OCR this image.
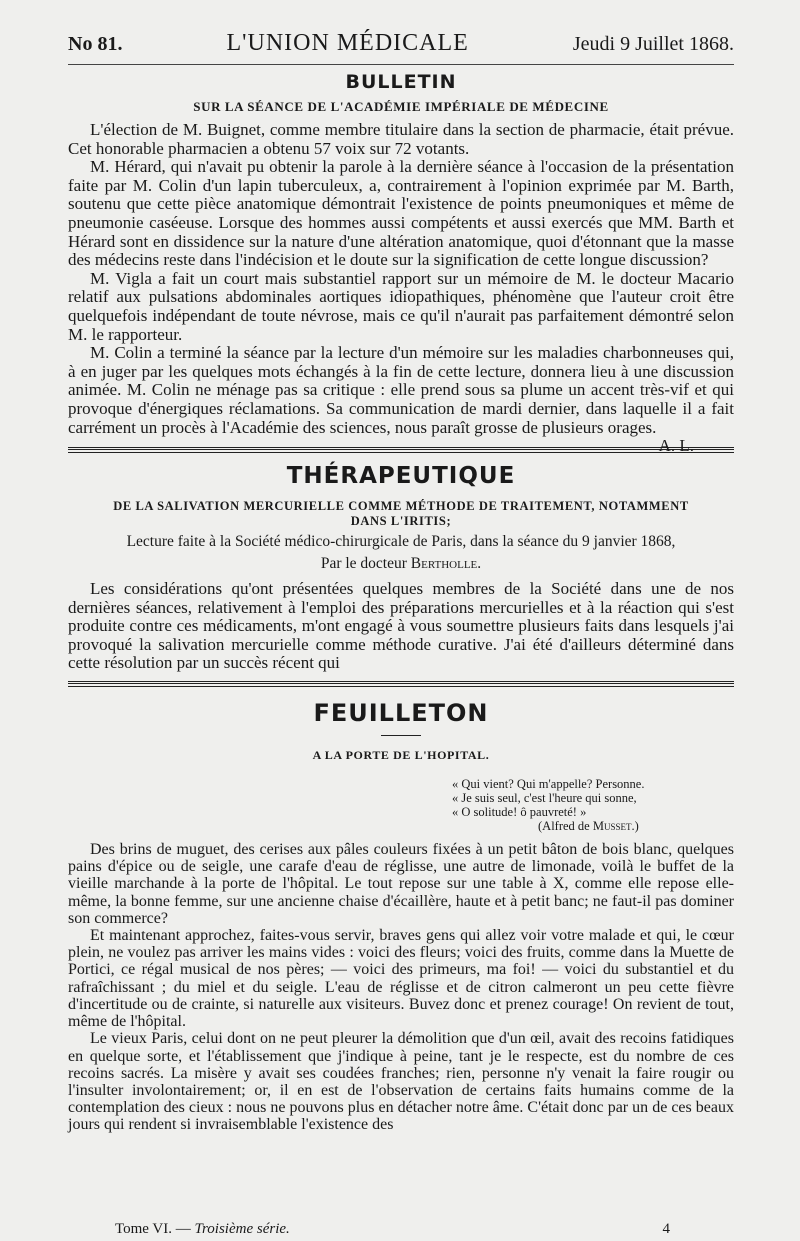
No 81.	L'UNION MÉDICALE	Jeudi 9 Juillet 1868.
BULLETIN
SUR LA SÉANCE DE L'ACADÉMIE IMPÉRIALE DE MÉDECINE

L'élection de M. Buignet, comme membre titulaire dans la section de pharmacie, était prévue. Cet honorable pharmacien a obtenu 57 voix sur 72 votants.

M. Hérard, qui n'avait pu obtenir la parole à la dernière séance à l'occasion de la présentation faite par M. Colin d'un lapin tuberculeux, a, contrairement à l'opinion exprimée par M. Barth, soutenu que cette pièce anatomique démontrait l'existence de points pneumoniques et même de pneumonie caséeuse. Lorsque des hommes aussi compétents et aussi exercés que MM. Barth et Hérard sont en dissidence sur la nature d'une altération anatomique, quoi d'étonnant que la masse des médecins reste dans l'indécision et le doute sur la signification de cette longue discussion?

M. Vigla a fait un court mais substantiel rapport sur un mémoire de M. le docteur Macario relatif aux pulsations abdominales aortiques idiopathiques, phénomène que l'auteur croit être quelquefois indépendant de toute névrose, mais ce qu'il n'aurait pas parfaitement démontré selon M. le rapporteur.

M. Colin a terminé la séance par la lecture d'un mémoire sur les maladies charbonneuses qui, à en juger par les quelques mots échangés à la fin de cette lecture, donnera lieu à une discussion animée. M. Colin ne ménage pas sa critique : elle prend sous sa plume un accent très-vif et qui provoque d'énergiques réclamations. Sa communication de mardi dernier, dans laquelle il a fait carrément un procès à l'Académie des sciences, nous paraît grosse de plusieurs orages.
A. L.

THÉRAPEUTIQUE
DE LA SALIVATION MERCURIELLE COMME MÉTHODE DE TRAITEMENT, NOTAMMENT
DANS L'IRITIS;
Lecture faite à la Société médico-chirurgicale de Paris, dans la séance du 9 janvier 1868,
Par le docteur Bertholle.

Les considérations qu'ont présentées quelques membres de la Société dans une de nos dernières séances, relativement à l'emploi des préparations mercurielles et à la réaction qui s'est produite contre ces médicaments, m'ont engagé à vous soumettre plusieurs faits dans lesquels j'ai provoqué la salivation mercurielle comme méthode curative. J'ai été d'ailleurs déterminé dans cette résolution par un succès récent qui

FEUILLETON
A LA PORTE DE L'HOPITAL.
« Qui vient? Qui m'appelle? Personne.
« Je suis seul, c'est l'heure qui sonne,
« O solitude! ô pauvreté! »
(Alfred de Musset.)

Des brins de muguet, des cerises aux pâles couleurs fixées à un petit bâton de bois blanc, quelques pains d'épice ou de seigle, une carafe d'eau de réglisse, une autre de limonade, voilà le buffet de la vieille marchande à la porte de l'hôpital. Le tout repose sur une table à X, comme elle repose elle-même, la bonne femme, sur une ancienne chaise d'écaillère, haute et à petit banc; ne faut-il pas dominer son commerce?

Et maintenant approchez, faites-vous servir, braves gens qui allez voir votre malade et qui, le cœur plein, ne voulez pas arriver les mains vides : voici des fleurs; voici des fruits, comme dans la Muette de Portici, ce régal musical de nos pères; — voici des primeurs, ma foi! — voici du substantiel et du rafraîchissant ; du miel et du seigle. L'eau de réglisse et de citron calmeront un peu cette fièvre d'incertitude ou de crainte, si naturelle aux visiteurs. Buvez donc et prenez courage! On revient de tout, même de l'hôpital.

Le vieux Paris, celui dont on ne peut pleurer la démolition que d'un œil, avait des recoins fatidiques en quelque sorte, et l'établissement que j'indique à peine, tant je le respecte, est du nombre de ces recoins sacrés. La misère y avait ses coudées franches; rien, personne n'y venait la faire rougir ou l'insulter involontairement; or, il en est de l'observation de certains faits humains comme de la contemplation des cieux : nous ne pouvons plus en détacher notre âme. C'était donc par un de ces beaux jours qui rendent si invraisemblable l'existence des

Tome VI. — Troisième série.	4
